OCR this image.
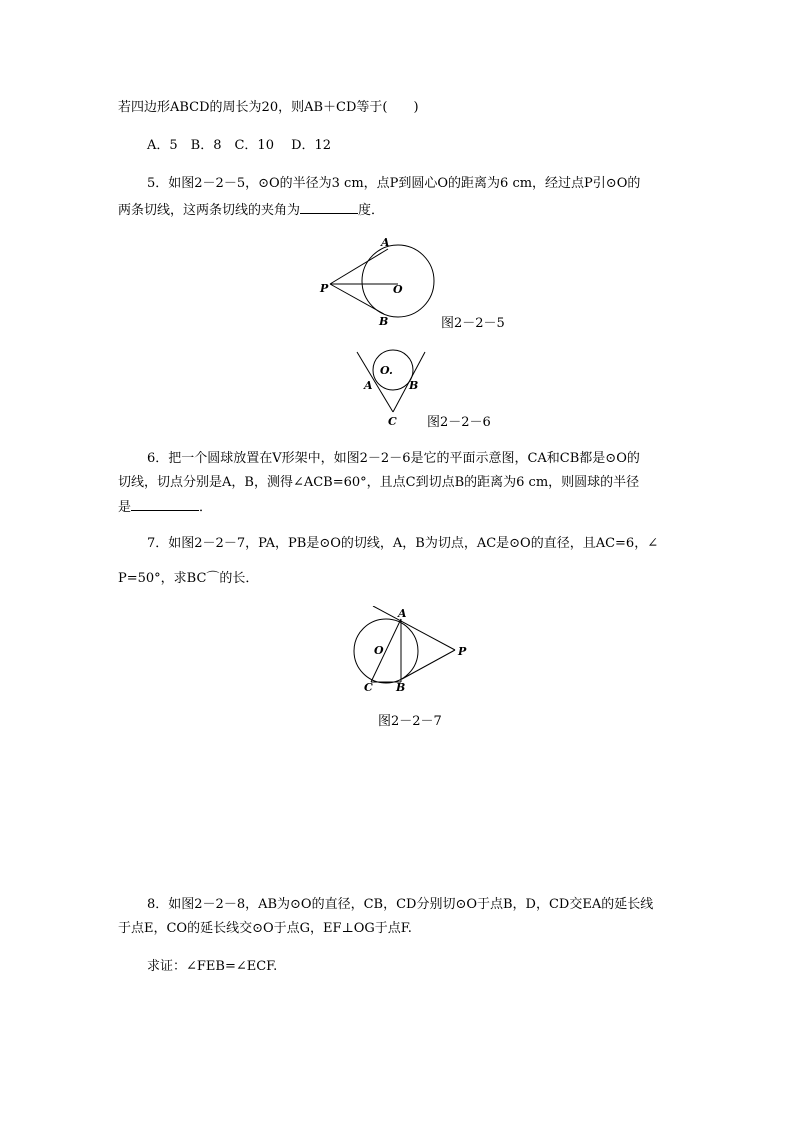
若四边形ABCD的周长为20，则AB＋CD等于(　　)
A．5　B．8　C．10　 D．12
5．如图2－2－5，⊙O的半径为3 cm，点P到圆心O的距离为6 cm，经过点P引⊙O的
两条切线，这两条切线的夹角为	度．
A
P	O
B	图2－2－5
O.
A	B
C 图2－2－6
6．把一个圆球放置在V形架中，如图2－2－6是它的平面示意图，CA和CB都是⊙O的
切线，切点分别是A，B，测得∠ACB=60°，且点C到切点B的距离为6 cm，则圆球的半径
是	．
7．如图2－2－7，PA，PB是⊙O的切线，A，B为切点，AC是⊙O的直径，且AC=6，∠
P=50°，求BC⌒的长．
A
O	P
C B
图2－2－7
8．如图2－2－8，AB为⊙O的直径，CB，CD分别切⊙O于点B，D，CD交EA的延长线
于点E，CO的延长线交⊙O于点G，EF⊥OG于点F.
求证：∠FEB=∠ECF.
